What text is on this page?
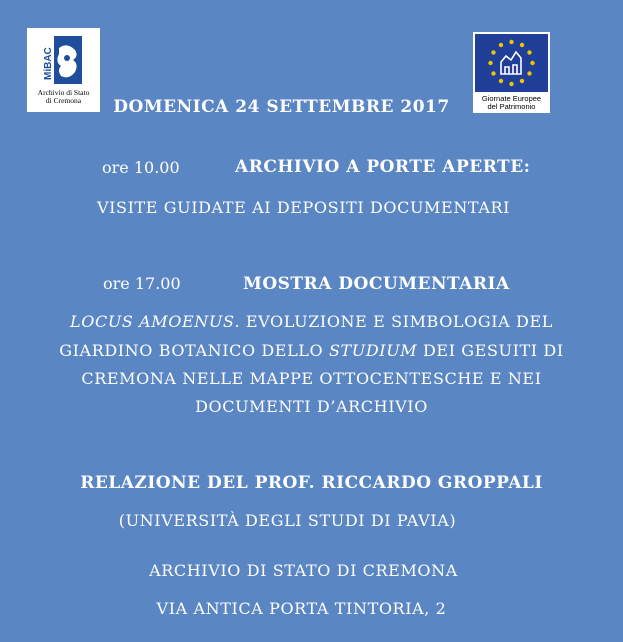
MiBAC
Archivio di Stato
di Cremona	Giornate Europee
del Patrimonio
DOMENICA 24 SETTEMBRE 2017
ore 10.00	ARCHIVIO A PORTE APERTE:
VISITE GUIDATE AI DEPOSITI DOCUMENTARI
ore 17.00	MOSTRA DOCUMENTARIA
LOCUS AMOENUS. EVOLUZIONE E SIMBOLOGIA DEL
GIARDINO BOTANICO DELLO STUDIUM DEI GESUITI DI
CREMONA NELLE MAPPE OTTOCENTESCHE E NEI
DOCUMENTI D’ARCHIVIO
RELAZIONE DEL PROF. RICCARDO GROPPALI
(UNIVERSITÀ DEGLI STUDI DI PAVIA)
ARCHIVIO DI STATO DI CREMONA
VIA ANTICA PORTA TINTORIA, 2
